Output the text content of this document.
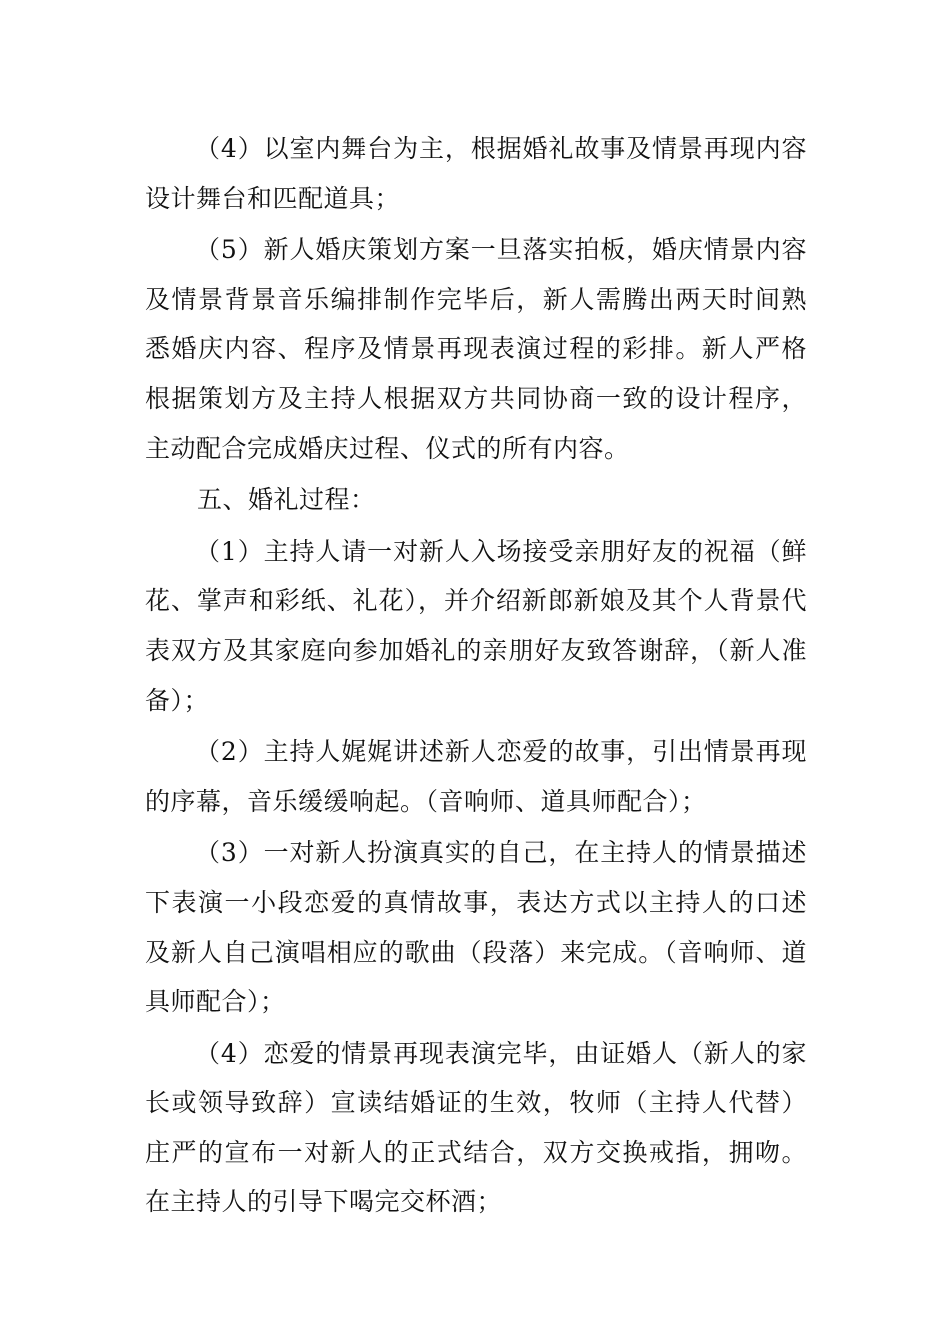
（4）以室内舞台为主，根据婚礼故事及情景再现内容设计舞台和匹配道具；

（5）新人婚庆策划方案一旦落实拍板，婚庆情景内容及情景背景音乐编排制作完毕后，新人需腾出两天时间熟悉婚庆内容、程序及情景再现表演过程的彩排。新人严格根据策划方及主持人根据双方共同协商一致的设计程序，主动配合完成婚庆过程、仪式的所有内容。

五、婚礼过程：

（1）主持人请一对新人入场接受亲朋好友的祝福（鲜花、掌声和彩纸、礼花），并介绍新郎新娘及其个人背景代表双方及其家庭向参加婚礼的亲朋好友致答谢辞，（新人准备）；

（2）主持人娓娓讲述新人恋爱的故事，引出情景再现的序幕，音乐缓缓响起。（音响师、道具师配合）；

（3）一对新人扮演真实的自己，在主持人的情景描述下表演一小段恋爱的真情故事，表达方式以主持人的口述及新人自己演唱相应的歌曲（段落）来完成。（音响师、道具师配合）；

（4）恋爱的情景再现表演完毕，由证婚人（新人的家长或领导致辞）宣读结婚证的生效，牧师（主持人代替）庄严的宣布一对新人的正式结合，双方交换戒指，拥吻。在主持人的引导下喝完交杯酒；
